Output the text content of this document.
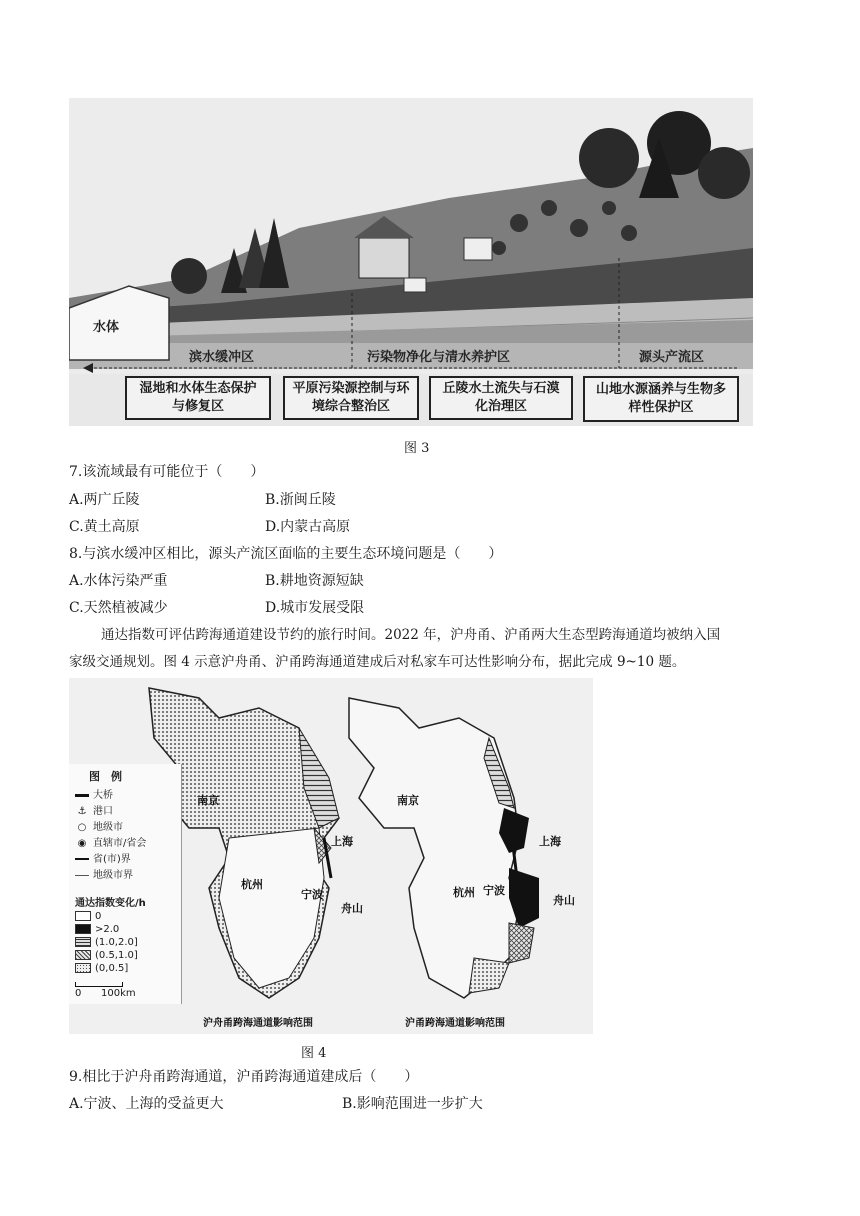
水体
滨水缓冲区	污染物净化与清水养护区	源头产流区
湿地和水体生态保护与修复区
平原污染源控制与环境综合整治区
丘陵水土流失与石漠化治理区
山地水源涵养与生物多样性保护区
图 3
7.该流域最有可能位于（　　）
A.两广丘陵	B.浙闽丘陵
C.黄土高原	D.内蒙古高原
8.与滨水缓冲区相比，源头产流区面临的主要生态环境问题是（　　）
A.水体污染严重	B.耕地资源短缺
C.天然植被减少	D.城市发展受限
通达指数可评估跨海通道建设节约的旅行时间。2022 年，沪舟甬、沪甬两大生态型跨海通道均被纳入国
家级交通规划。图 4 示意沪舟甬、沪甬跨海通道建成后对私家车可达性影响分布，据此完成 9~10 题。
图　例
大桥
⚓ 港口
○ 地级市
◉ 直辖市/省会
省(市)界
地级市界
通达指数变化/h
0
>2.0
(1.0,2.0]
(0.5,1.0]
(0,0.5]
0 100km
南京
上海
杭州
宁波
舟山
南京
上海
杭州 宁波
舟山
沪舟甬跨海通道影响范围	沪甬跨海通道影响范围
图 4
9.相比于沪舟甬跨海通道，沪甬跨海通道建成后（　　）
A.宁波、上海的受益更大	B.影响范围进一步扩大
